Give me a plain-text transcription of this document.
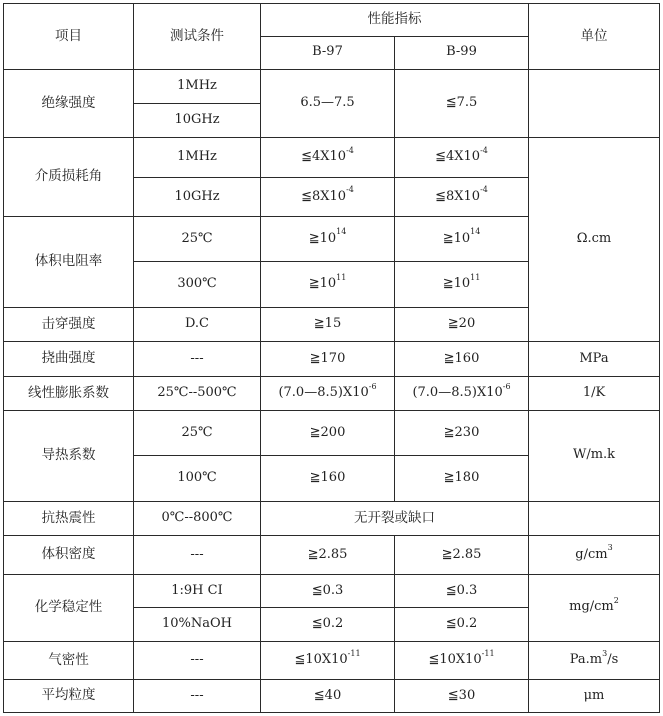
项目	测试条件	性能指标		单位	
		B-97	B-99		
绝缘强度	1MHz	6.5—7.5	≦7.5		
	10GHz				
介质损耗角	1MHz	$≦4X10^{-4}$	$≦4X10^{-4}$	Ω.cm	
	10GHz	$≦8X10^{-4}$	$≦8X10^{-4}$
体积电阻率	25℃	$≧10^{14}$	$≧10^{14}$
	300℃	$≧10^{11}$	$≧10^{11}$
击穿强度	D.C	≧15	≧20	
挠曲强度	---	≧170	≧160	MPa	
线性膨胀系数	25℃--500℃	$(7.0—8.5)X10^{-6}$	$(7.0—8.5)X10^{-6}$	1/K	
导热系数	25℃	≧200	≧230	W/m.k	
	100℃	≧160	≧180		
抗热震性	0℃--800℃	无开裂或缺口			
体积密度	---	≧2.85	≧2.85	$g/cm^3$
化学稳定性	1:9H CI	≦0.3	≦0.3	$mg/cm^2$
	10%NaOH	≦0.2	≦0.2		
气密性	---	$≦10X10^{-11}$	$≦10X10^{-11}$	$Pa.m^3/s$	
平均粒度	---	≦40	≦30	μm	
